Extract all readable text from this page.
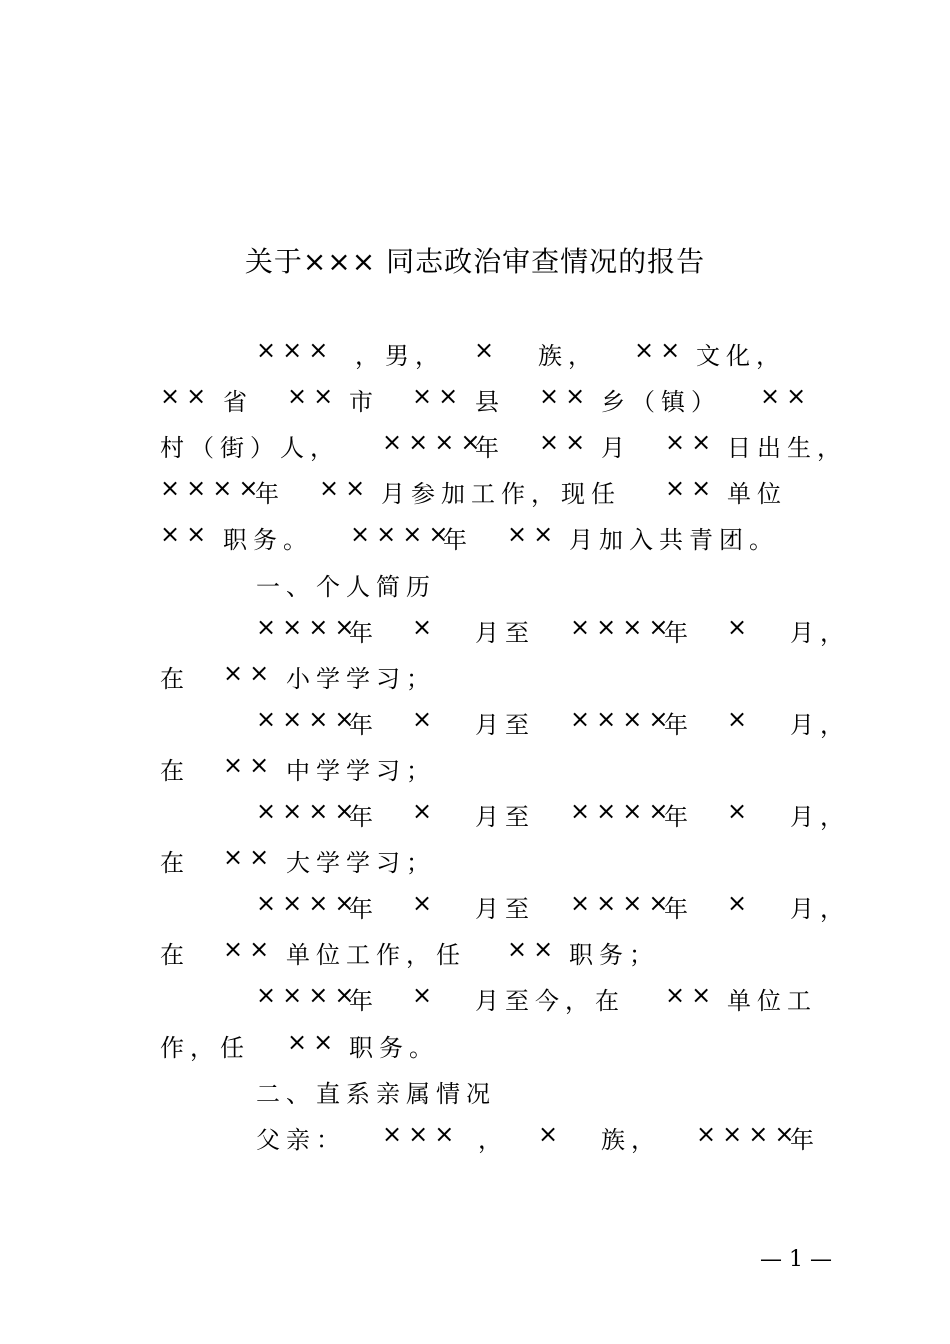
关于××× 同志政治审查情况的报告
××× ，男， × 族， ×× 文化，
×× 省 ×× 市 ×× 县 ×× 乡（镇） ××
村（街）人， ××××
年 ×× 月 ×× 日出生，
××××
年 ×× 月参加工作，现任 ×× 单位
×× 职务。 ××××
年 ×× 月加入共青团。
一、个人简历
××××
年 × 月至 ××××
年 × 月，
在 ×× 小学学习；
××××
年 × 月至 ××××
年 × 月，
在 ×× 中学学习；
××××
年 × 月至 ××××
年 × 月，
在 ×× 大学学习；
××××
年 × 月至 ××××
年 × 月，
在 ×× 单位工作，任 ×× 职务；
××××
年 × 月至今，在 ×× 单位工
作，任 ×× 职务。
二、直系亲属情况
父亲： ××× ， × 族， ××××
年
— 1 —
